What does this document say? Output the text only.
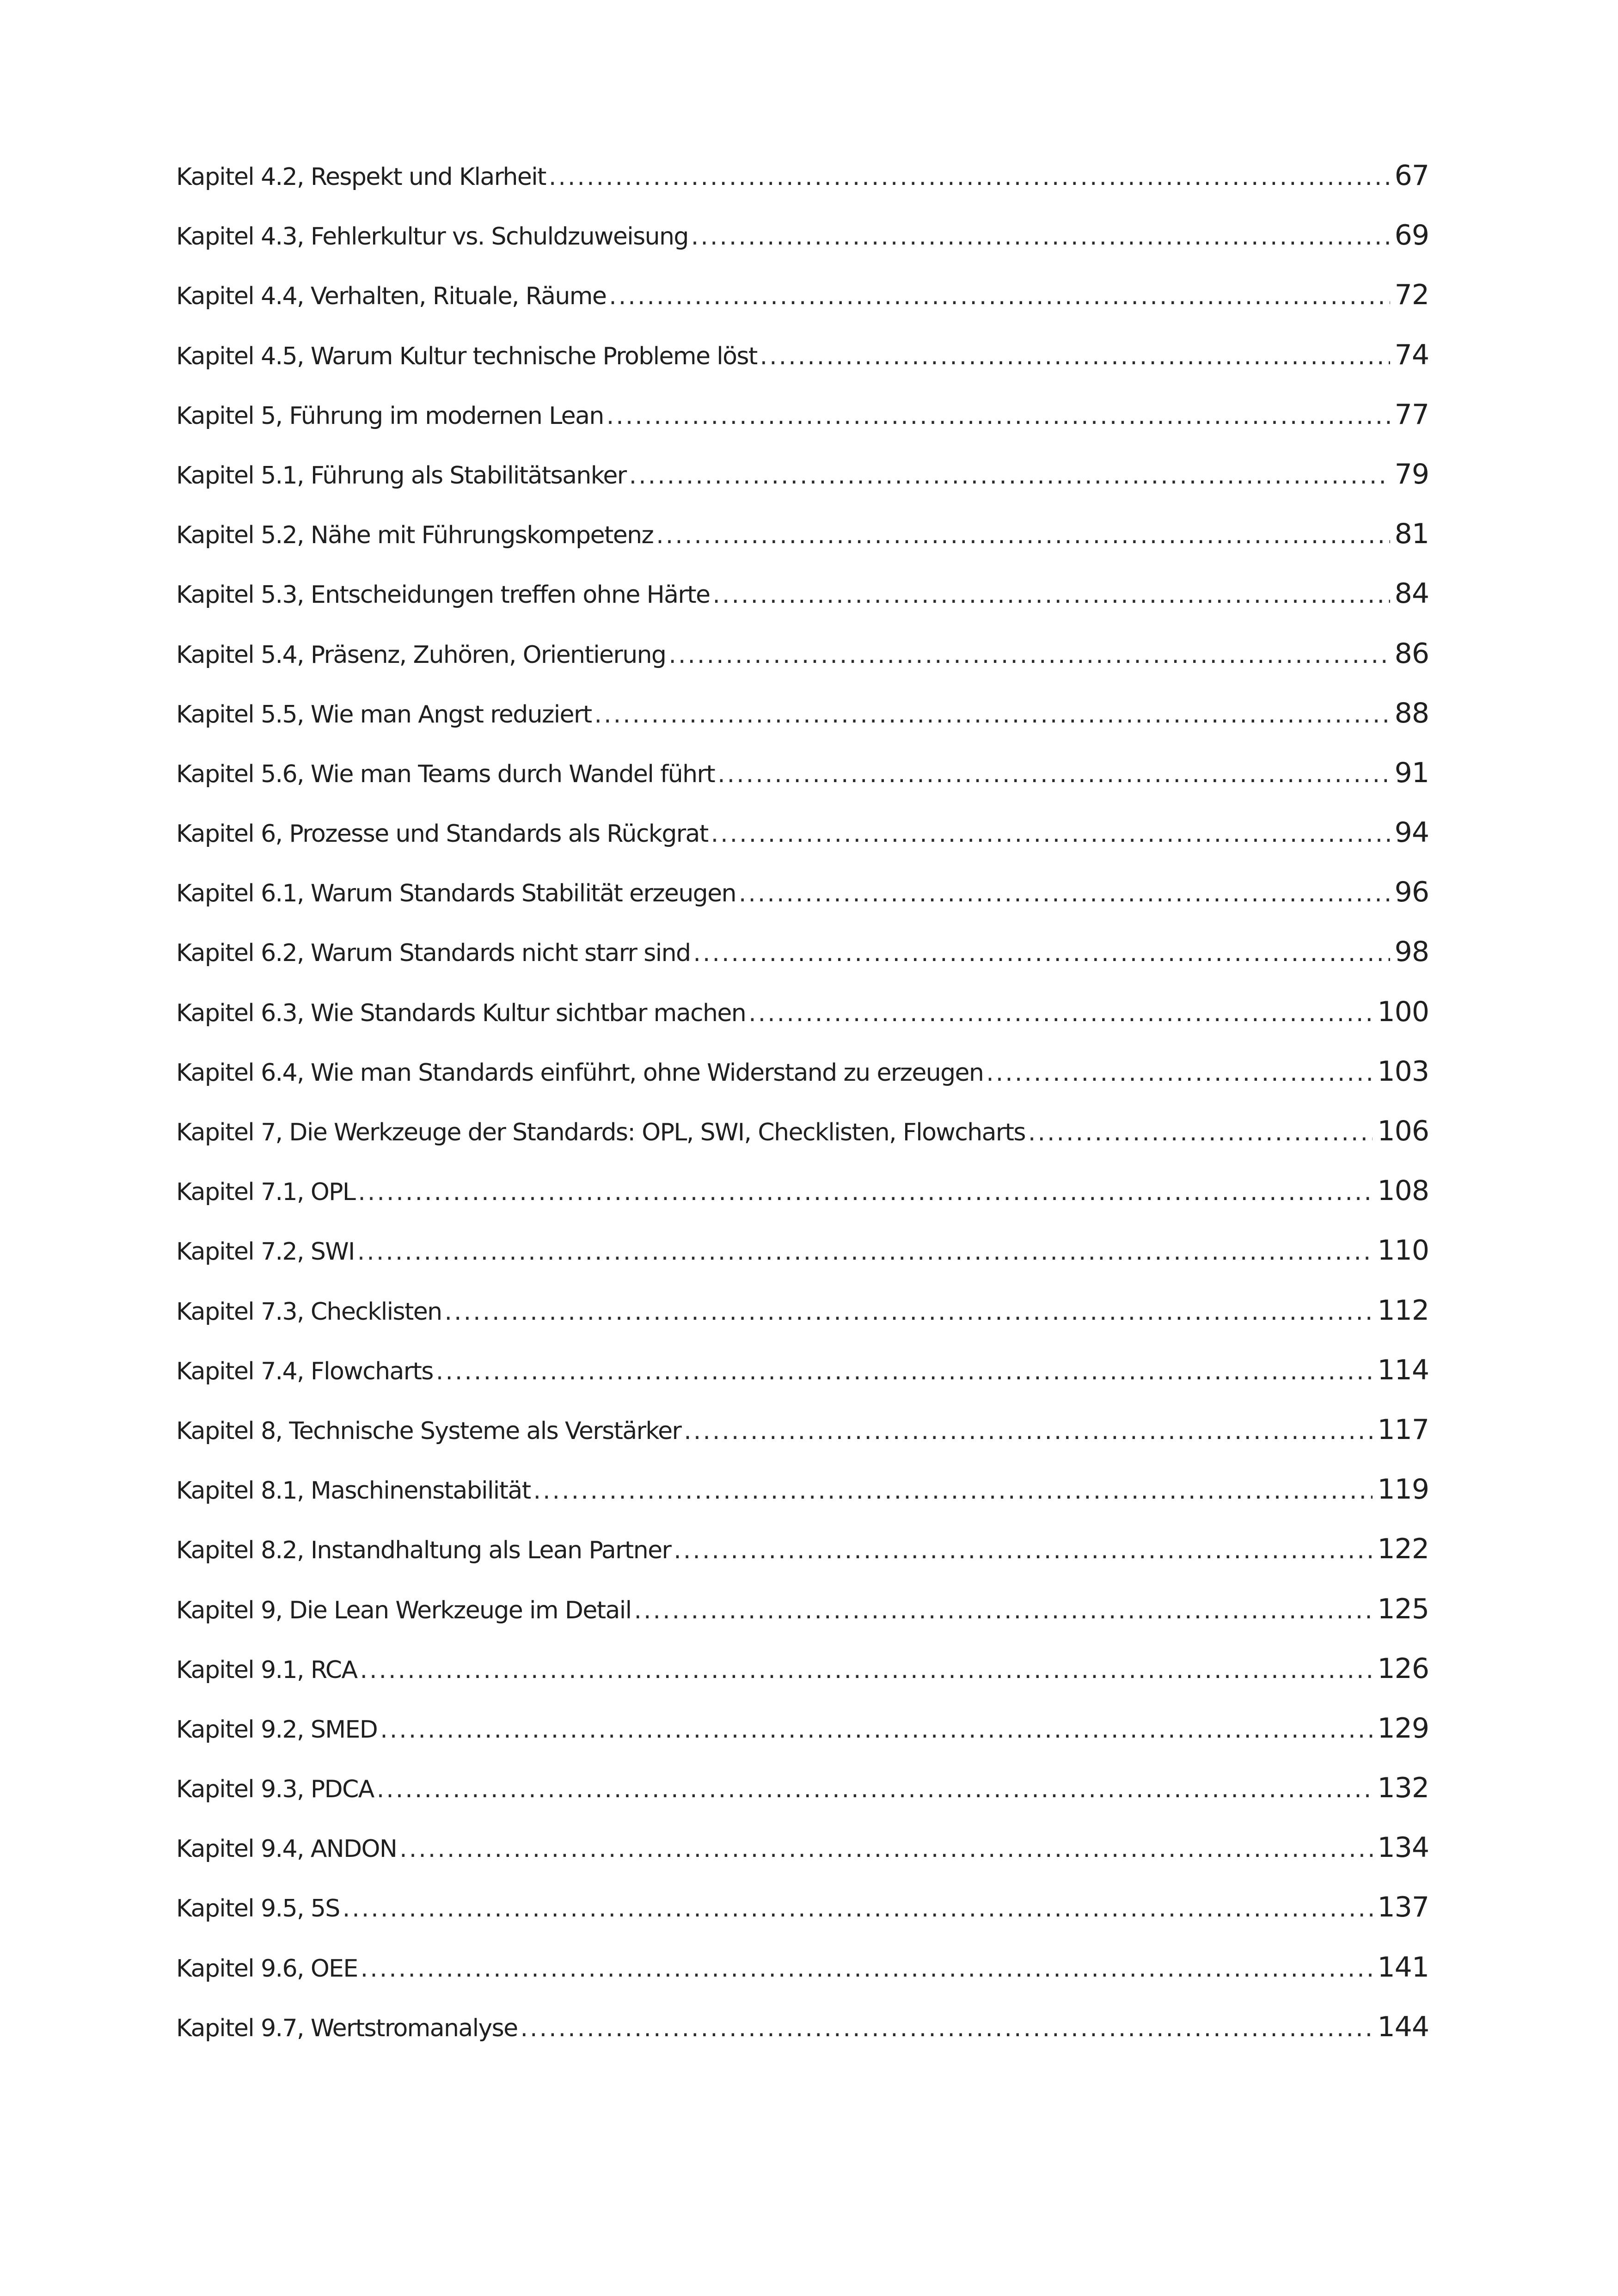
Kapitel 4.2, Respekt und Klarheit .....	67
Kapitel 4.3, Fehlerkultur vs. Schuldzuweisung .....	69
Kapitel 4.4, Verhalten, Rituale, Räume .....	72
Kapitel 4.5, Warum Kultur technische Probleme löst .....	74
Kapitel 5, Führung im modernen Lean .....	77
Kapitel 5.1, Führung als Stabilitätsanker .....	79
Kapitel 5.2, Nähe mit Führungskompetenz .....	81
Kapitel 5.3, Entscheidungen treffen ohne Härte .....	84
Kapitel 5.4, Präsenz, Zuhören, Orientierung .....	86
Kapitel 5.5, Wie man Angst reduziert .....	88
Kapitel 5.6, Wie man Teams durch Wandel führt .....	91
Kapitel 6, Prozesse und Standards als Rückgrat .....	94
Kapitel 6.1, Warum Standards Stabilität erzeugen .....	96
Kapitel 6.2, Warum Standards nicht starr sind .....	98
Kapitel 6.3, Wie Standards Kultur sichtbar machen .....	100
Kapitel 6.4, Wie man Standards einführt, ohne Widerstand zu erzeugen .....	103
Kapitel 7, Die Werkzeuge der Standards: OPL, SWI, Checklisten, Flowcharts .....	106
Kapitel 7.1, OPL .....	108
Kapitel 7.2, SWI .....	110
Kapitel 7.3, Checklisten .....	112
Kapitel 7.4, Flowcharts .....	114
Kapitel 8, Technische Systeme als Verstärker .....	117
Kapitel 8.1, Maschinenstabilität .....	119
Kapitel 8.2, Instandhaltung als Lean Partner .....	122
Kapitel 9, Die Lean Werkzeuge im Detail .....	125
Kapitel 9.1, RCA .....	126
Kapitel 9.2, SMED .....	129
Kapitel 9.3, PDCA .....	132
Kapitel 9.4, ANDON .....	134
Kapitel 9.5, 5S .....	137
Kapitel 9.6, OEE .....	141
Kapitel 9.7, Wertstromanalyse .....	144
